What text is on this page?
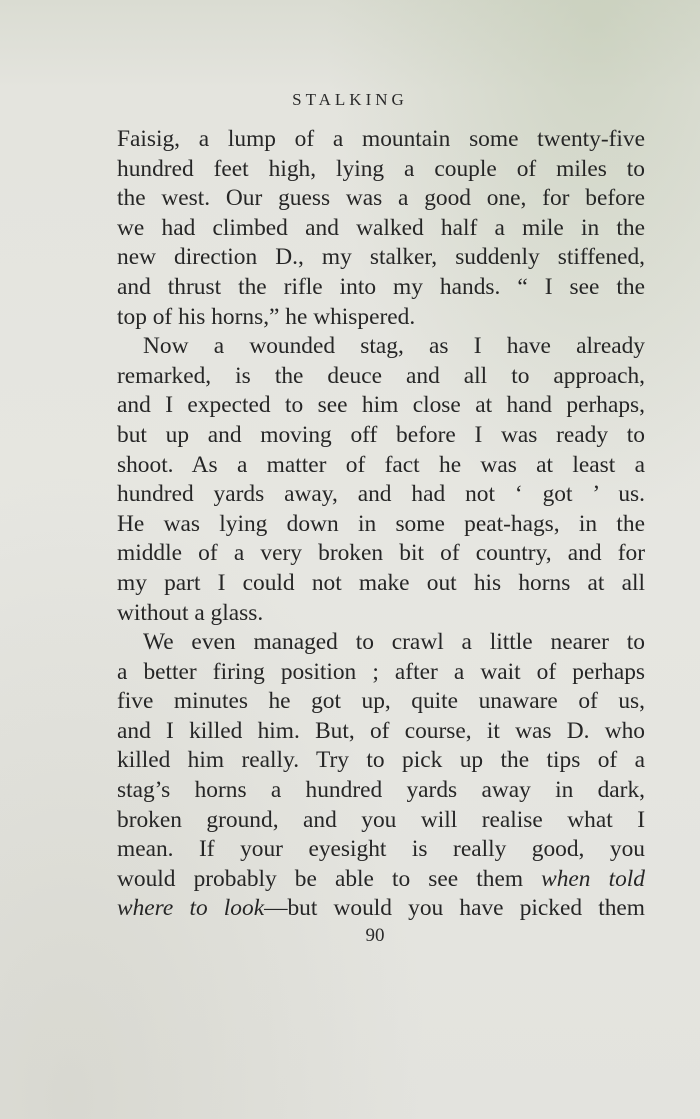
STALKING
Faisig, a lump of a mountain some twenty-five
hundred feet high, lying a couple of miles to
the west. Our guess was a good one, for before
we had climbed and walked half a mile in the
new direction D., my stalker, suddenly stiffened,
and thrust the rifle into my hands. “ I see the
top of his horns,” he whispered.
Now a wounded stag, as I have already
remarked, is the deuce and all to approach,
and I expected to see him close at hand perhaps,
but up and moving off before I was ready to
shoot. As a matter of fact he was at least a
hundred yards away, and had not ‘ got ’ us.
He was lying down in some peat-hags, in the
middle of a very broken bit of country, and for
my part I could not make out his horns at all
without a glass.
We even managed to crawl a little nearer to
a better firing position ; after a wait of perhaps
five minutes he got up, quite unaware of us,
and I killed him. But, of course, it was D. who
killed him really. Try to pick up the tips of a
stag’s horns a hundred yards away in dark,
broken ground, and you will realise what I
mean. If your eyesight is really good, you
would probably be able to see them when told
where to look—but would you have picked them
90
